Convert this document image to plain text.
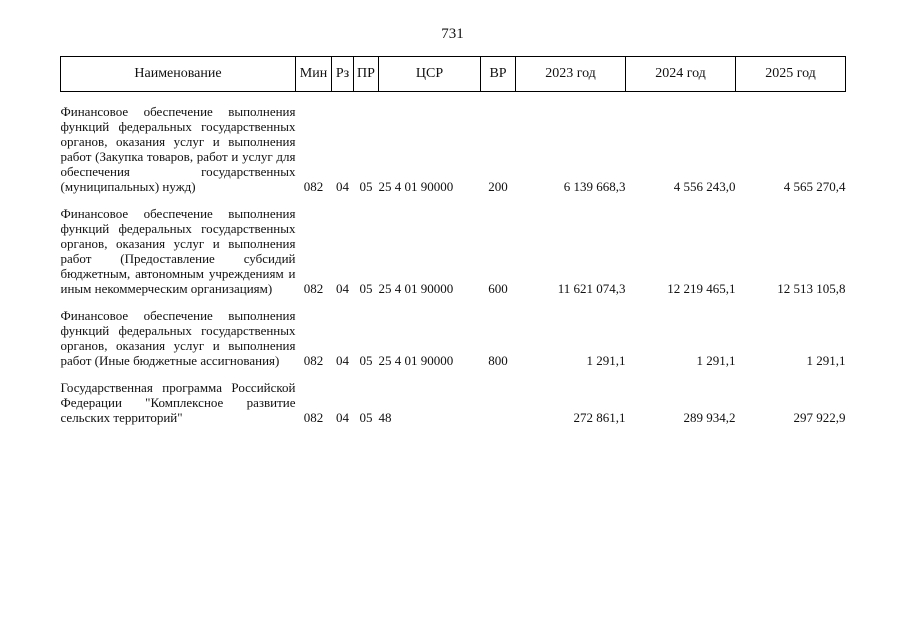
731
Наименование	Мин	Рз	ПР	ЦСР	ВР	2023 год	2024 год	2025 год

Финансовое обеспечение выполнения функций федеральных государственных органов, оказания услуг и выполнения работ (Закупка товаров, работ и услуг для обеспечения государственных (муниципальных) нужд)	082	04	05	25 4 01 90000	200	6 139 668,3	4 556 243,0	4 565 270,4

Финансовое обеспечение выполнения функций федеральных государственных органов, оказания услуг и выполнения работ (Предоставление субсидий бюджетным, автономным учреждениям и иным некоммерческим организациям)	082	04	05	25 4 01 90000	600	11 621 074,3	12 219 465,1	12 513 105,8

Финансовое обеспечение выполнения функций федеральных государственных органов, оказания услуг и выполнения работ (Иные бюджетные ассигнования)	082	04	05	25 4 01 90000	800	1 291,1	1 291,1	1 291,1

Государственная программа Российской Федерации "Комплексное развитие сельских территорий"	082	04	05	48		272 861,1	289 934,2	297 922,9
